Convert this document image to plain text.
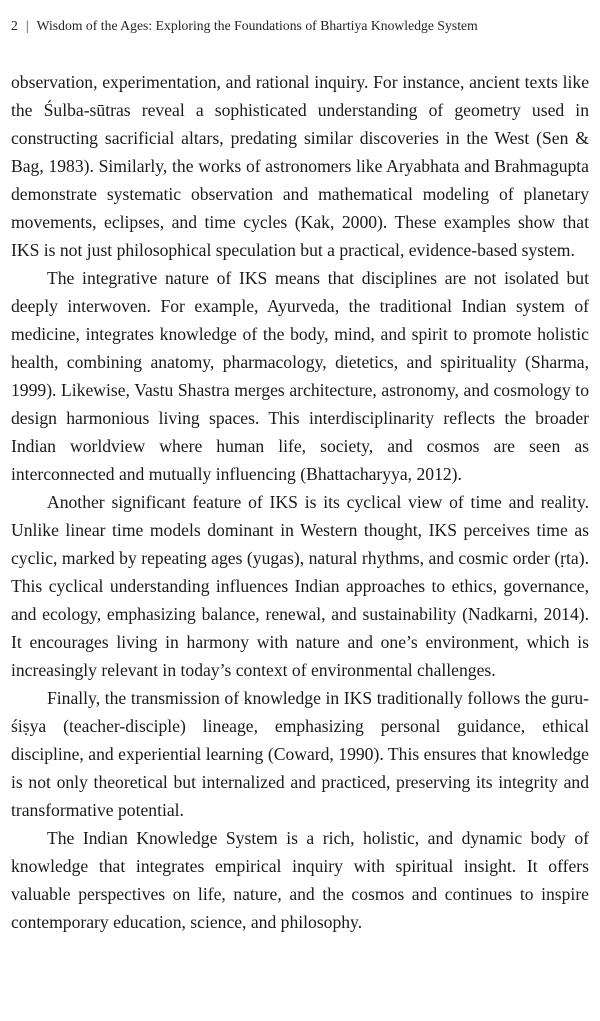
2 | Wisdom of the Ages: Exploring the Foundations of Bhartiya Knowledge System

observation, experimentation, and rational inquiry. For instance, ancient texts like the Śulba-sūtras reveal a sophisticated understanding of geometry used in constructing sacrificial altars, predating similar discoveries in the West (Sen & Bag, 1983). Similarly, the works of astronomers like Aryabhata and Brahmagupta demonstrate systematic observation and mathematical modeling of planetary movements, eclipses, and time cycles (Kak, 2000). These examples show that IKS is not just philosophical speculation but a practical, evidence-based system.

The integrative nature of IKS means that disciplines are not isolated but deeply interwoven. For example, Ayurveda, the traditional Indian system of medicine, integrates knowledge of the body, mind, and spirit to promote holistic health, combining anatomy, pharmacology, dietetics, and spirituality (Sharma, 1999). Likewise, Vastu Shastra merges architecture, astronomy, and cosmology to design harmonious living spaces. This interdisciplinarity reflects the broader Indian worldview where human life, society, and cosmos are seen as interconnected and mutually influencing (Bhattacharyya, 2012).

Another significant feature of IKS is its cyclical view of time and reality. Unlike linear time models dominant in Western thought, IKS perceives time as cyclic, marked by repeating ages (yugas), natural rhythms, and cosmic order (ṛta). This cyclical understanding influences Indian approaches to ethics, governance, and ecology, emphasizing balance, renewal, and sustainability (Nadkarni, 2014). It encourages living in harmony with nature and one’s environment, which is increasingly relevant in today’s context of environmental challenges.

Finally, the transmission of knowledge in IKS traditionally follows the guru-śiṣya (teacher-disciple) lineage, emphasizing personal guidance, ethical discipline, and experiential learning (Coward, 1990). This ensures that knowledge is not only theoretical but internalized and practiced, preserving its integrity and transformative potential.

The Indian Knowledge System is a rich, holistic, and dynamic body of knowledge that integrates empirical inquiry with spiritual insight. It offers valuable perspectives on life, nature, and the cosmos and continues to inspire contemporary education, science, and philosophy.
